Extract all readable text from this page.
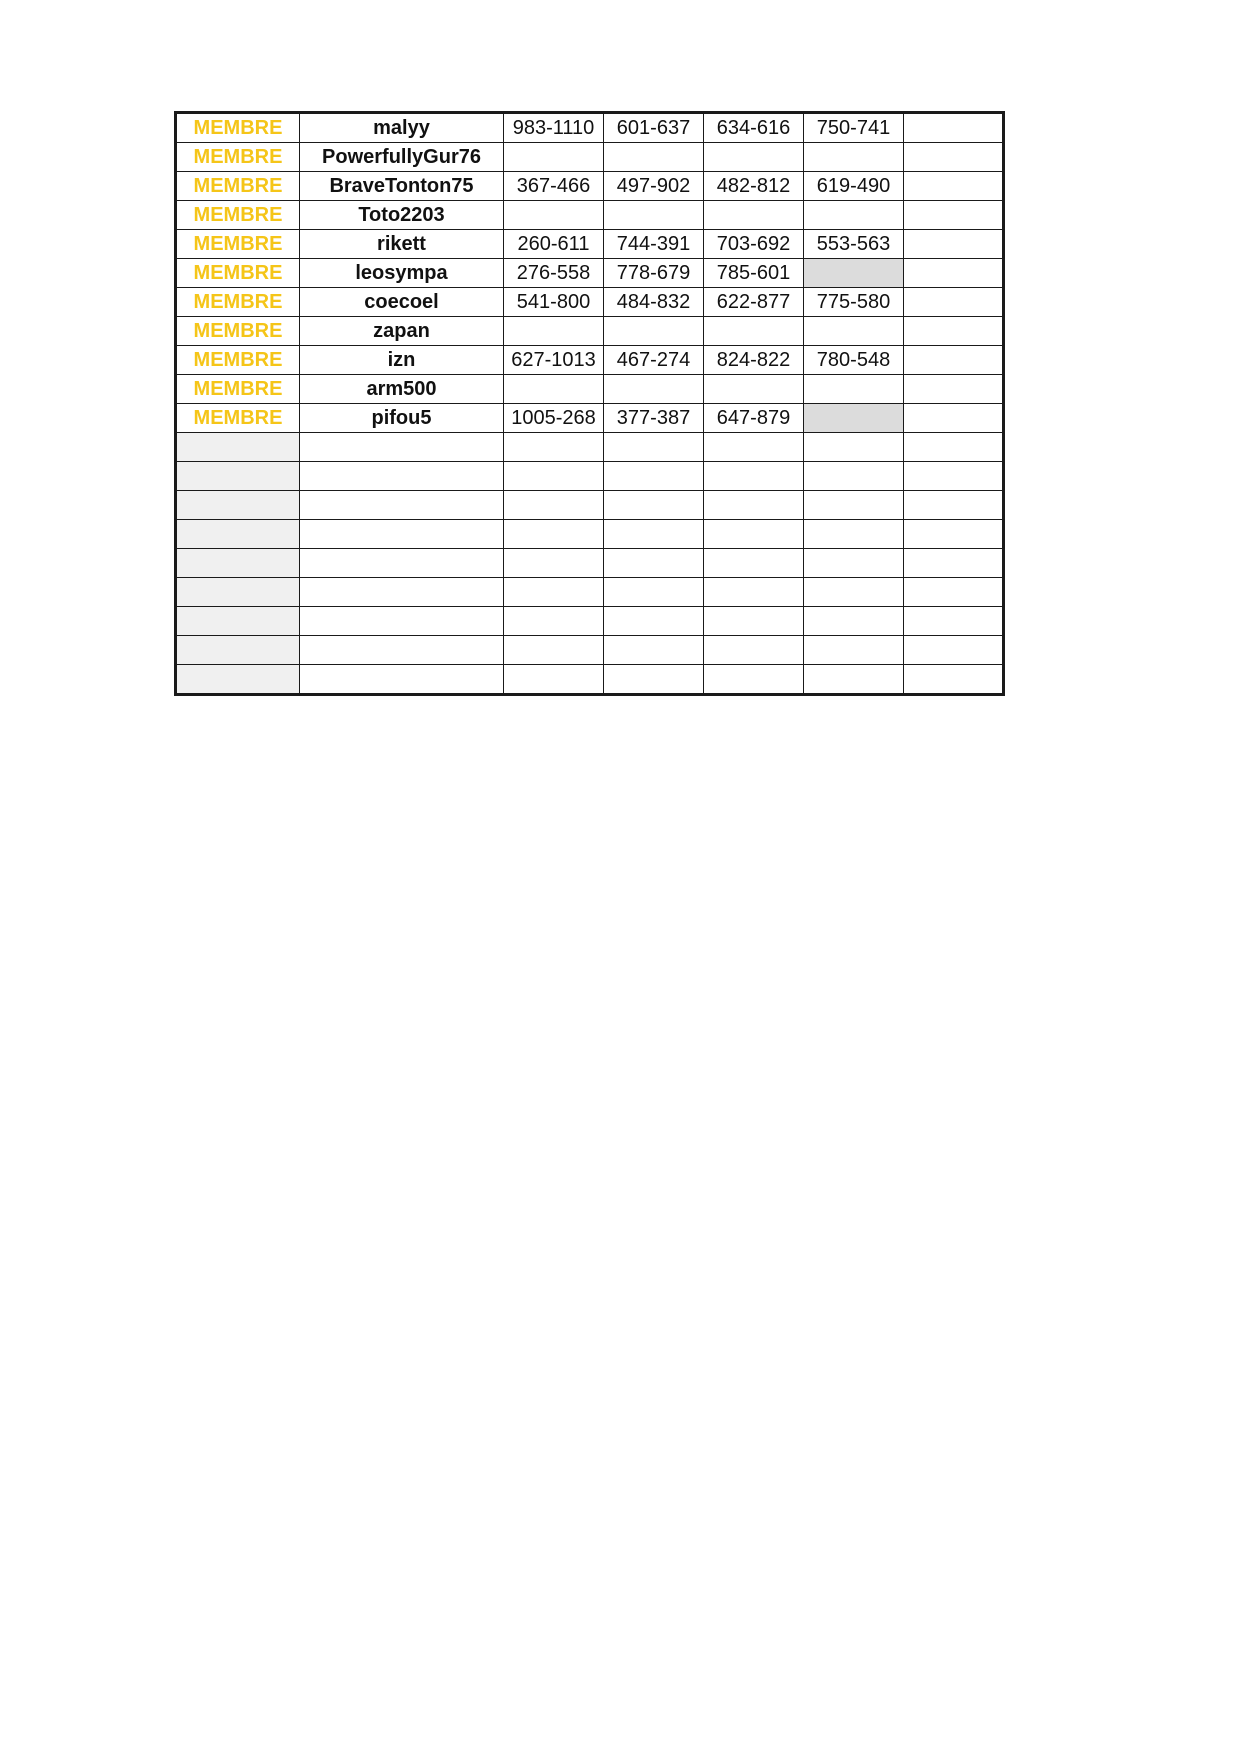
MEMBRE	malyy	983-1110	601-637	634-616	750-741	
MEMBRE	PowerfullyGur76					
MEMBRE	BraveTonton75	367-466	497-902	482-812	619-490	
MEMBRE	Toto2203					
MEMBRE	rikett	260-611	744-391	703-692	553-563	
MEMBRE	leosympa	276-558	778-679	785-601		
MEMBRE	coecoel	541-800	484-832	622-877	775-580	
MEMBRE	zapan					
MEMBRE	izn	627-1013	467-274	824-822	780-548	
MEMBRE	arm500					
MEMBRE	pifou5	1005-268	377-387	647-879		
